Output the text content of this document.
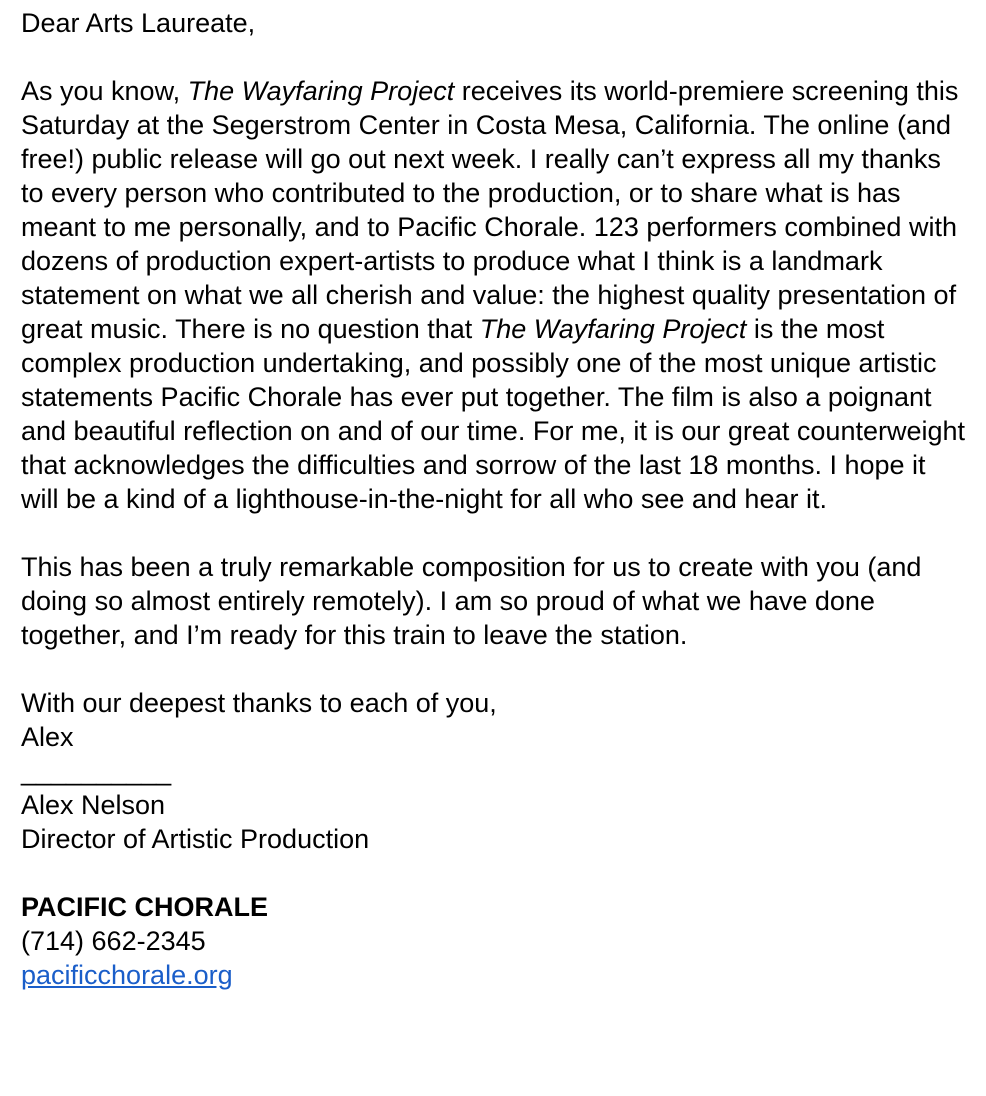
Dear Arts Laureate,

As you know, The Wayfaring Project receives its world-premiere screening this Saturday at the Segerstrom Center in Costa Mesa, California. The online (and free!) public release will go out next week. I really can’t express all my thanks to every person who contributed to the production, or to share what is has meant to me personally, and to Pacific Chorale. 123 performers combined with dozens of production expert-artists to produce what I think is a landmark statement on what we all cherish and value: the highest quality presentation of great music. There is no question that The Wayfaring Project is the most complex production undertaking, and possibly one of the most unique artistic statements Pacific Chorale has ever put together. The film is also a poignant and beautiful reflection on and of our time. For me, it is our great counterweight that acknowledges the difficulties and sorrow of the last 18 months. I hope it will be a kind of a lighthouse-in-the-night for all who see and hear it.

This has been a truly remarkable composition for us to create with you (and doing so almost entirely remotely). I am so proud of what we have done together, and I’m ready for this train to leave the station.

With our deepest thanks to each of you,

Alex

__________

Alex Nelson

Director of Artistic Production

PACIFIC CHORALE

(714) 662-2345

pacificchorale.org
